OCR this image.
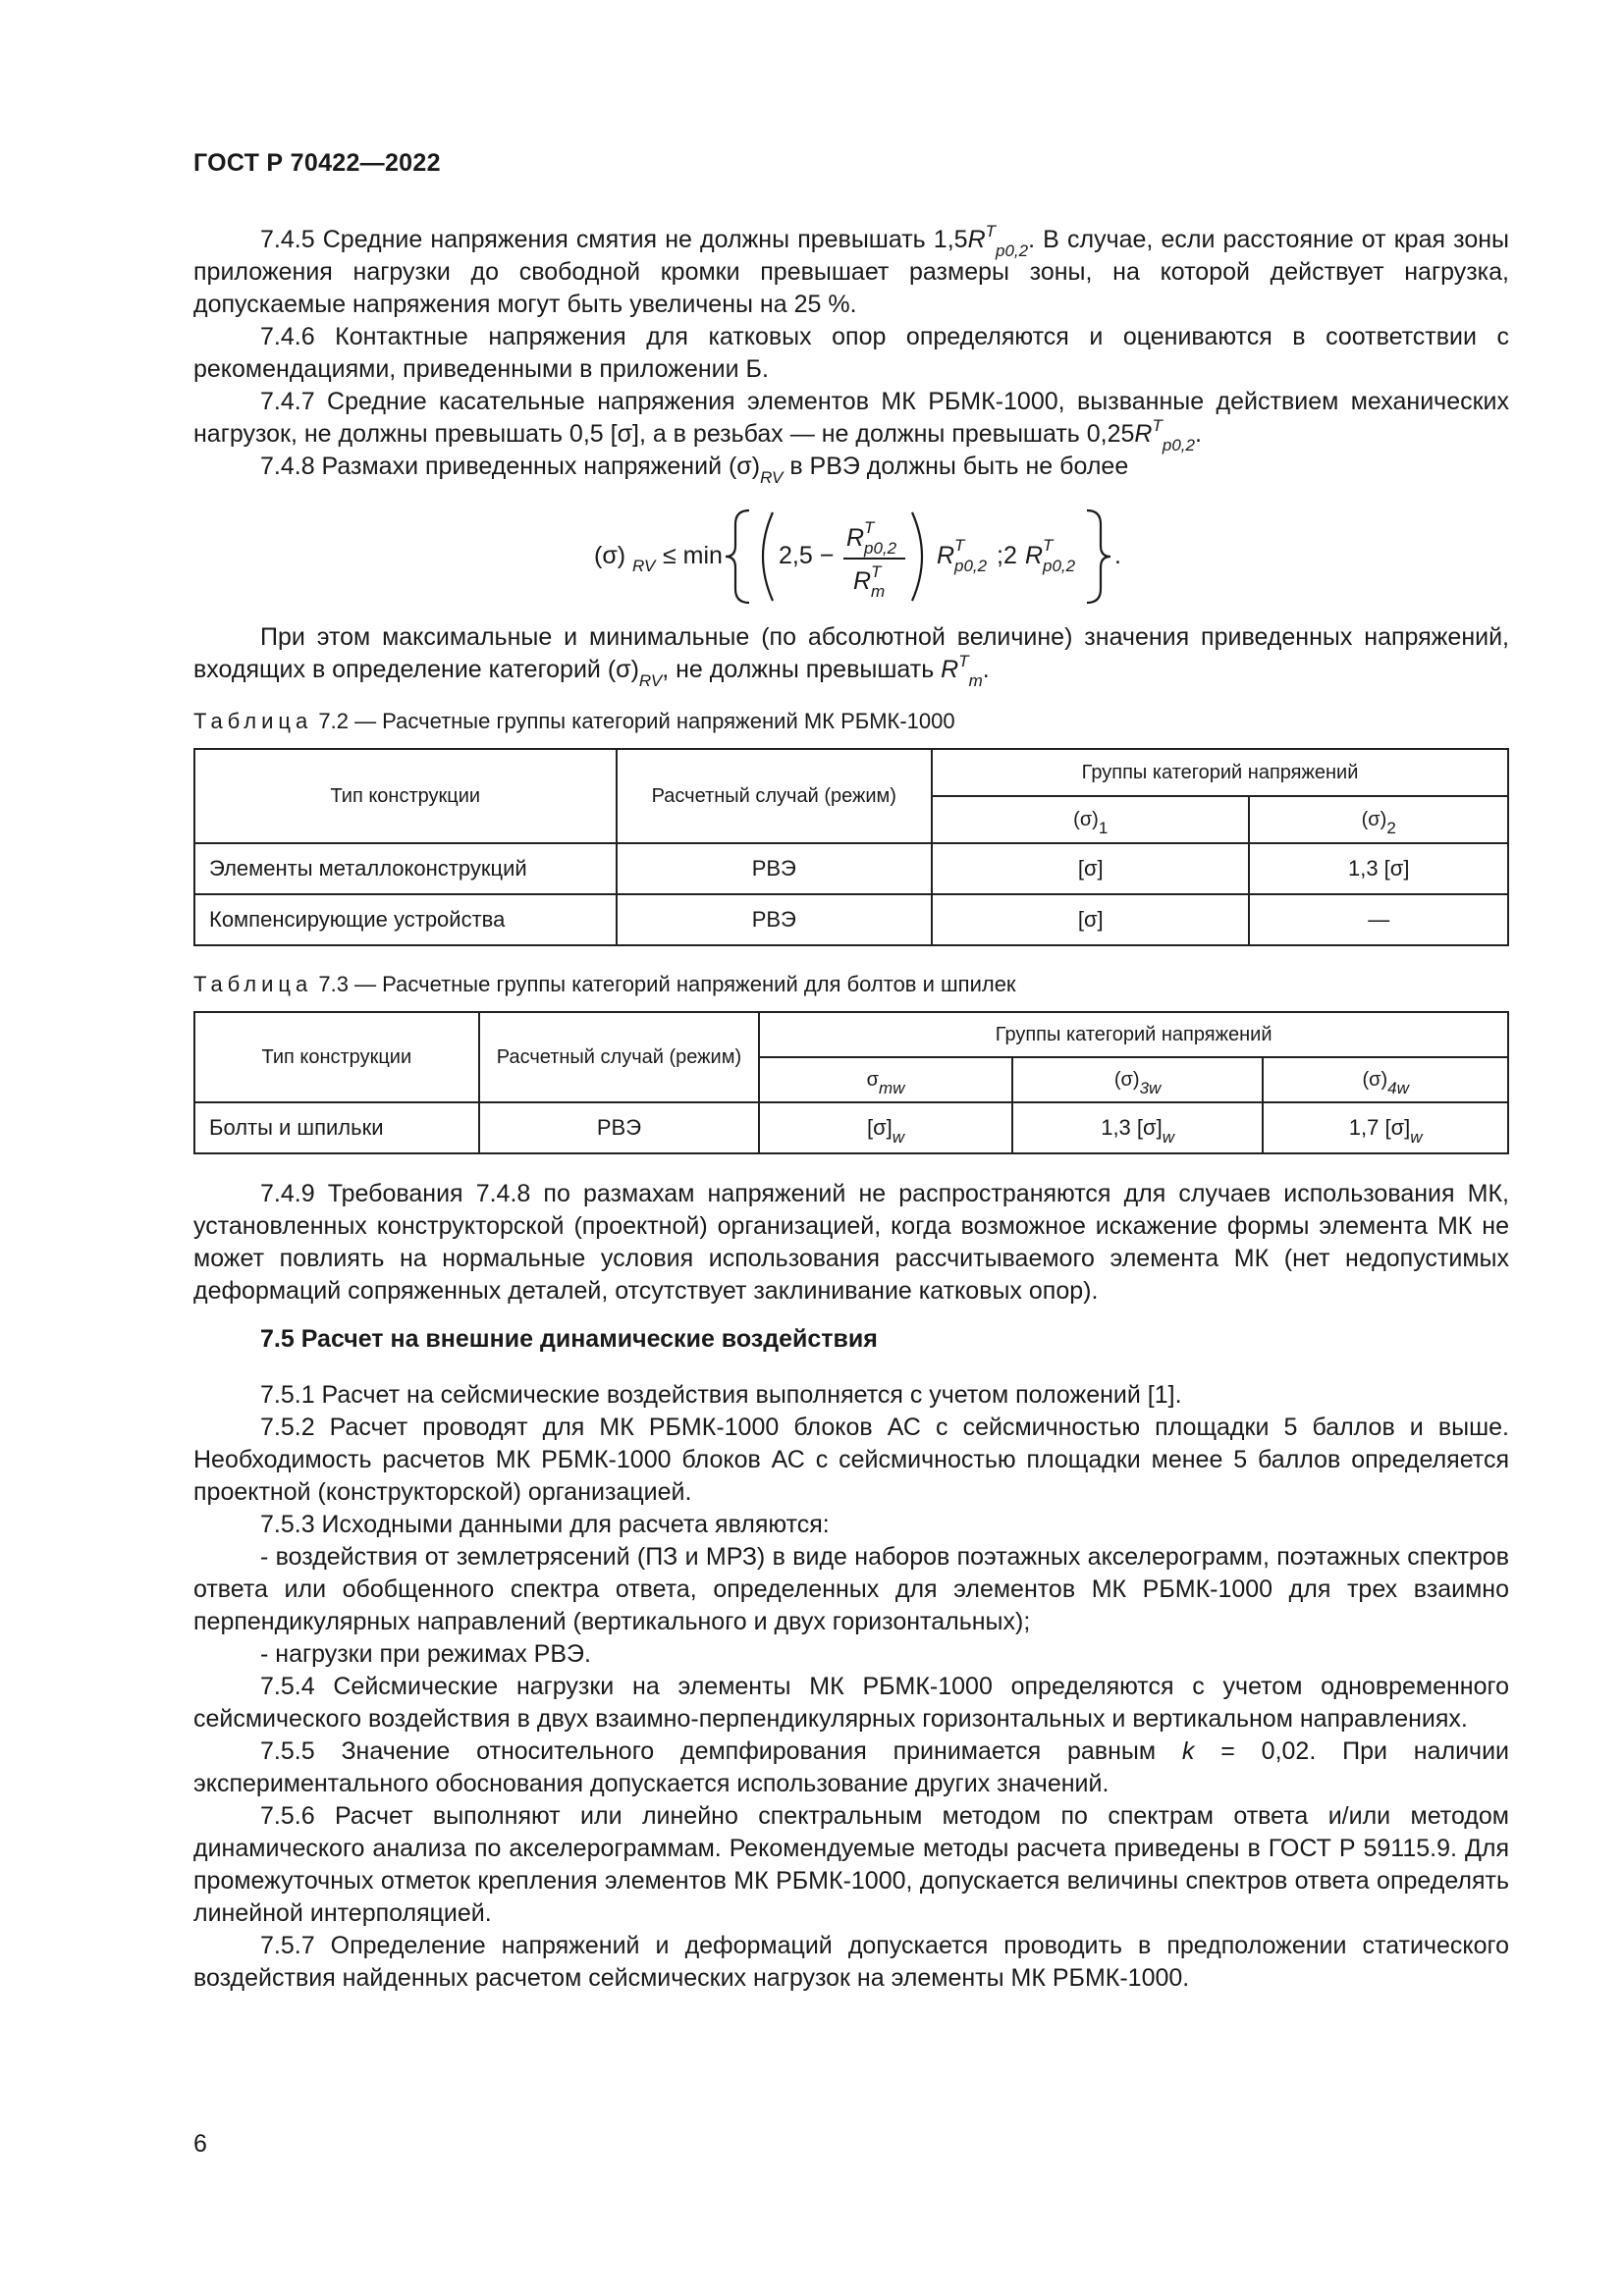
ГОСТ Р 70422—2022

7.4.5 Средние напряжения смятия не должны превышать $1,5R^T_{p0,2}$. В случае, если расстояние от края зоны приложения нагрузки до свободной кромки превышает размеры зоны, на которой действует нагрузка, допускаемые напряжения могут быть увеличены на 25 %.

7.4.6 Контактные напряжения для катковых опор определяются и оцениваются в соответствии с рекомендациями, приведенными в приложении Б.

7.4.7 Средние касательные напряжения элементов МК РБМК-1000, вызванные действием механических нагрузок, не должны превышать 0,5 [σ], а в резьбах — не должны превышать $0,25R^T_{p0,2}$.

7.4.8 Размахи приведенных напряжений $(\sigma)_{RV}$ в РВЭ должны быть не более

(σ) RV ≤ min 2,5 −
R T
p0,2
R T
m
R T
p0,2 ;2 R T
p0,2 .

При этом максимальные и минимальные (по абсолютной величине) значения приведенных напряжений, входящих в определение категорий $(\sigma)_{RV}$, не должны превышать $R^T_m$.

Таблица 7.2 — Расчетные группы категорий напряжений МК РБМК-1000
Тип конструкции	Расчетный случай (режим)	Группы категорий напряжений	
		$(\sigma)_1$	$(\sigma)_2$
Элементы металлоконструкций	РВЭ	[σ]	1,3 [σ]
Компенсирующие устройства	РВЭ	[σ]	—
Таблица 7.3 — Расчетные группы категорий напряжений для болтов и шпилек
Тип конструкции	Расчетный случай (режим)	Группы категорий напряжений		
		$\sigma_{mw}$	$(\sigma)_{3w}$	$(\sigma)_{4w}$
Болты и шпильки	РВЭ	$[\sigma]_w$	1,3 $[\sigma]_w$	1,7 $[\sigma]_w$

7.4.9 Требования 7.4.8 по размахам напряжений не распространяются для случаев использования МК, установленных конструкторской (проектной) организацией, когда возможное искажение формы элемента МК не может повлиять на нормальные условия использования рассчитываемого элемента МК (нет недопустимых деформаций сопряженных деталей, отсутствует заклинивание катковых опор).

7.5 Расчет на внешние динамические воздействия

7.5.1 Расчет на сейсмические воздействия выполняется с учетом положений [1].

7.5.2 Расчет проводят для МК РБМК-1000 блоков АС с сейсмичностью площадки 5 баллов и выше. Необходимость расчетов МК РБМК-1000 блоков АС с сейсмичностью площадки менее 5 баллов определяется проектной (конструкторской) организацией.

7.5.3 Исходными данными для расчета являются:

- воздействия от землетрясений (ПЗ и МРЗ) в виде наборов поэтажных акселерограмм, поэтажных спектров ответа или обобщенного спектра ответа, определенных для элементов МК РБМК-1000 для трех взаимно перпендикулярных направлений (вертикального и двух горизонтальных);

- нагрузки при режимах РВЭ.

7.5.4 Сейсмические нагрузки на элементы МК РБМК-1000 определяются с учетом одновременного сейсмического воздействия в двух взаимно-перпендикулярных горизонтальных и вертикальном направлениях.

7.5.5 Значение относительного демпфирования принимается равным k = 0,02. При наличии экспериментального обоснования допускается использование других значений.

7.5.6 Расчет выполняют или линейно спектральным методом по спектрам ответа и/или методом динамического анализа по акселерограммам. Рекомендуемые методы расчета приведены в ГОСТ Р 59115.9. Для промежуточных отметок крепления элементов МК РБМК-1000, допускается величины спектров ответа определять линейной интерполяцией.

7.5.7 Определение напряжений и деформаций допускается проводить в предположении статического воздействия найденных расчетом сейсмических нагрузок на элементы МК РБМК-1000.

6
